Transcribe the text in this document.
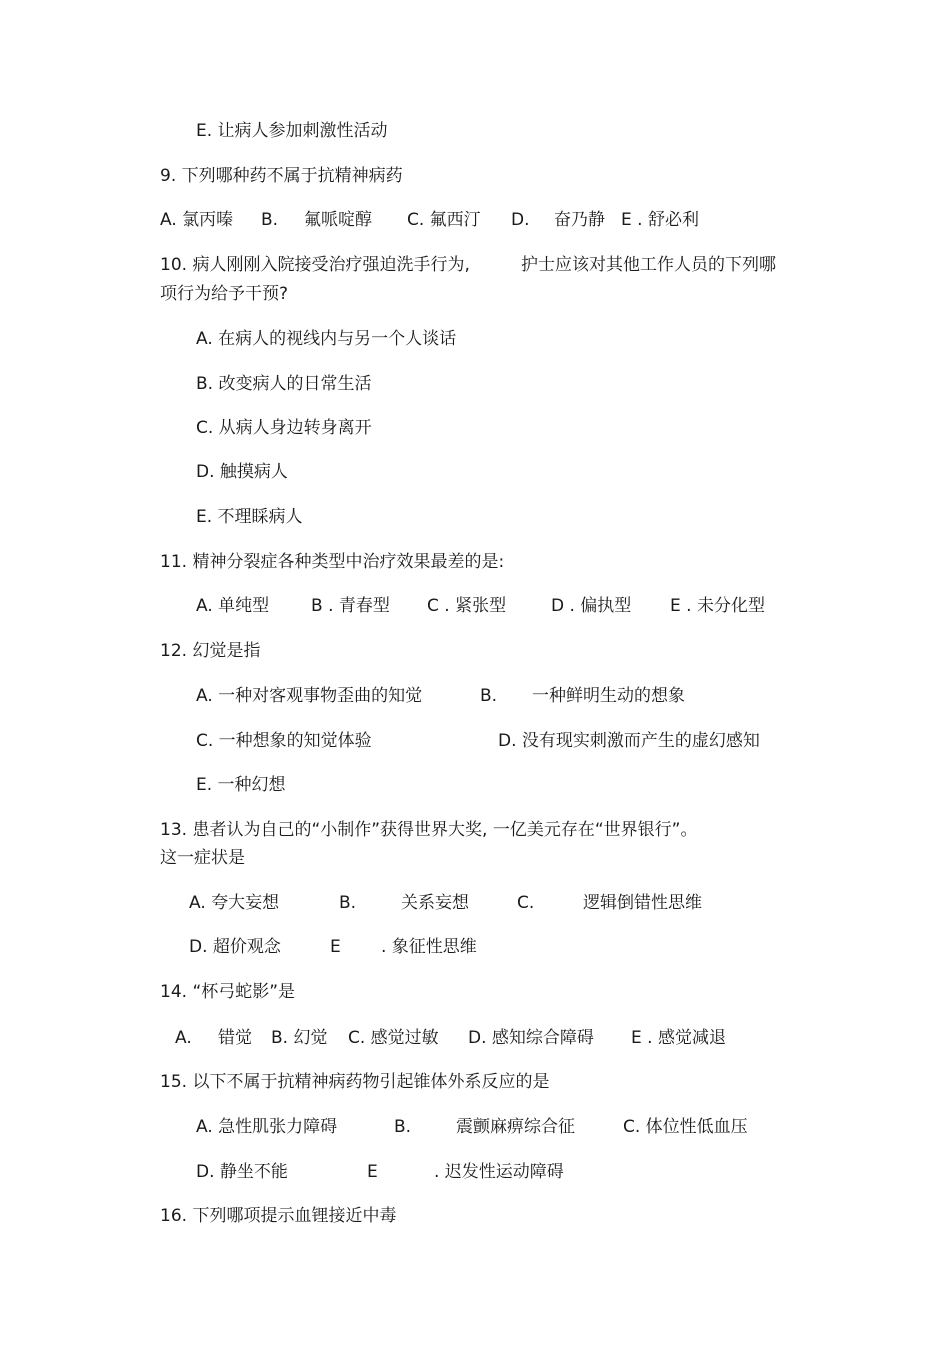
E. 让病人参加刺激性活动
9. 下列哪种药不属于抗精神病药
A. 氯丙嗪 B. 氟哌啶醇 C. 氟西汀 D. 奋乃静 E . 舒必利
10. 病人刚刚入院接受治疗强迫洗手行为,	护士应该对其他工作人员的下列哪
项行为给予干预?
A. 在病人的视线内与另一个人谈话
B. 改变病人的日常生活
C. 从病人身边转身离开
D. 触摸病人
E. 不理睬病人
11. 精神分裂症各种类型中治疗效果最差的是:
A. 单纯型 B . 青春型 C . 紧张型	D . 偏执型 E . 未分化型
12. 幻觉是指
A. 一种对客观事物歪曲的知觉	B. 一种鲜明生动的想象
C. 一种想象的知觉体验	D. 没有现实刺激而产生的虚幻感知
E. 一种幻想
13. 患者认为自己的“小制作”获得世界大奖, 一亿美元存在“世界银行”。
这一症状是
A. 夸大妄想	B.	关系妄想	C.	逻辑倒错性思维
D. 超价观念	E . 象征性思维
14. “杯弓蛇影”是
A. 错觉 B. 幻觉 C. 感觉过敏 D. 感知综合障碍 E . 感觉减退
15. 以下不属于抗精神病药物引起锥体外系反应的是
A. 急性肌张力障碍	B.	震颤麻痹综合征	C. 体位性低血压
D. 静坐不能	E	. 迟发性运动障碍
16. 下列哪项提示血锂接近中毒
